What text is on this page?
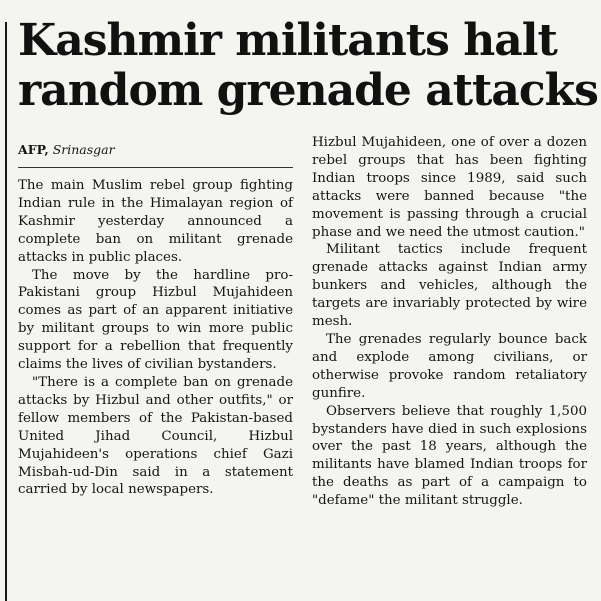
Kashmir militants halt
random grenade attacks
AFP, Srinasgar

The main Muslim rebel group fighting Indian rule in the Himalayan region of Kashmir yesterday announced a complete ban on militant grenade attacks in public places.

The move by the hardline pro-Pakistani group Hizbul Mujahideen comes as part of an apparent initiative by militant groups to win more public support for a rebellion that frequently claims the lives of civilian bystanders.

"There is a complete ban on grenade attacks by Hizbul and other outfits," or fellow members of the Pakistan-based United Jihad Council, Hizbul Mujahideen's operations chief Gazi Misbah-ud-Din said in a statement carried by local newspapers.

Hizbul Mujahideen, one of over a dozen rebel groups that has been fighting Indian troops since 1989, said such attacks were banned because "the movement is passing through a crucial phase and we need the utmost caution."

Militant tactics include frequent grenade attacks against Indian army bunkers and vehicles, although the targets are invariably protected by wire mesh.

The grenades regularly bounce back and explode among civilians, or otherwise provoke random retaliatory gunfire.

Observers believe that roughly 1,500 bystanders have died in such explosions over the past 18 years, although the militants have blamed Indian troops for the deaths as part of a campaign to "defame" the militant struggle.
